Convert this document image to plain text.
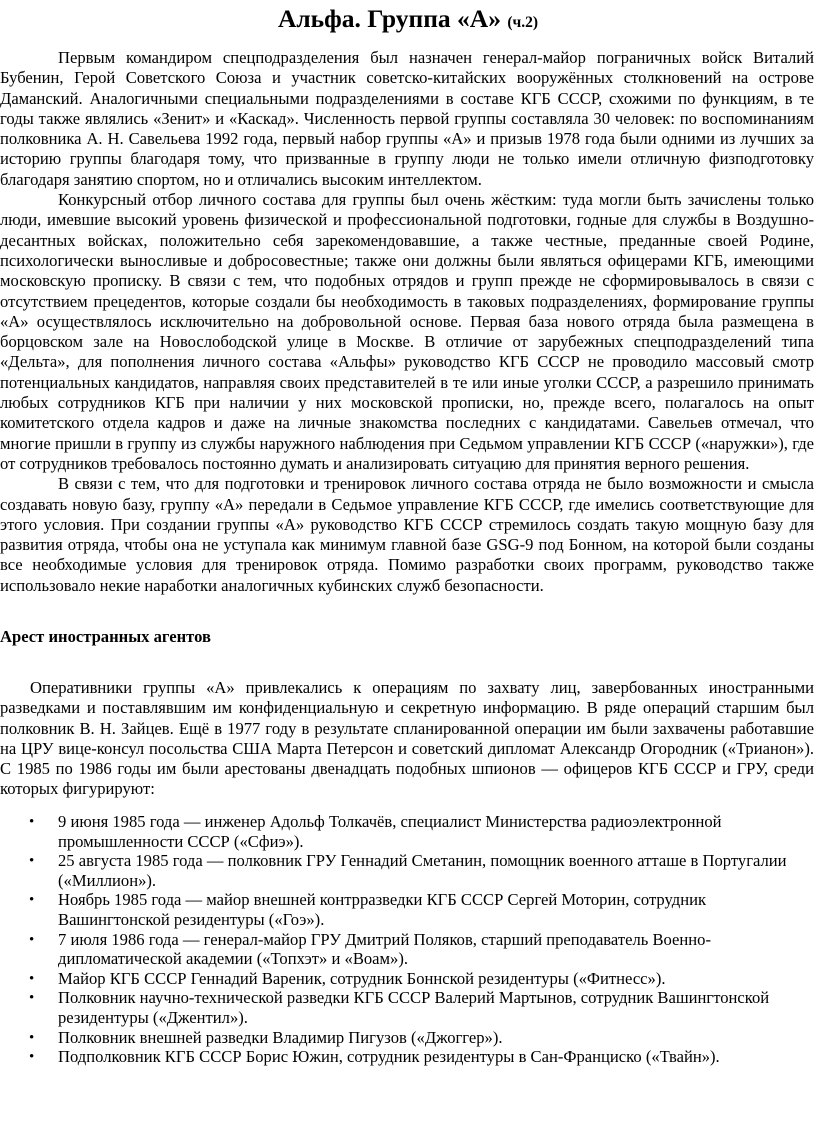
Альфа. Группа «А» (ч.2)

Первым командиром спецподразделения был назначен генерал-майор пограничных войск Виталий Бубенин, Герой Советского Союза и участник советско-китайских вооружённых столкновений на острове Даманский. Аналогичными специальными подразделениями в составе КГБ СССР, схожими по функциям, в те годы также являлись «Зенит» и «Каскад». Численность первой группы составляла 30 человек: по воспоминаниям полковника А. Н. Савельева 1992 года, первый набор группы «А» и призыв 1978 года были одними из лучших за историю группы благодаря тому, что призванные в группу люди не только имели отличную физподготовку благодаря занятию спортом, но и отличались высоким интеллектом.

Конкурсный отбор личного состава для группы был очень жёстким: туда могли быть зачислены только люди, имевшие высокий уровень физической и профессиональной подготовки, годные для службы в Воздушно-десантных войсках, положительно себя зарекомендовавшие, а также честные, преданные своей Родине, психологически выносливые и добросовестные; также они должны были являться офицерами КГБ, имеющими московскую прописку. В связи с тем, что подобных отрядов и групп прежде не сформировывалось в связи с отсутствием прецедентов, которые создали бы необходимость в таковых подразделениях, формирование группы «А» осуществлялось исключительно на добровольной основе. Первая база нового отряда была размещена в борцовском зале на Новослободской улице в Москве. В отличие от зарубежных спецподразделений типа «Дельта», для пополнения личного состава «Альфы» руководство КГБ СССР не проводило массовый смотр потенциальных кандидатов, направляя своих представителей в те или иные уголки СССР, а разрешило принимать любых сотрудников КГБ при наличии у них московской прописки, но, прежде всего, полагалось на опыт комитетского отдела кадров и даже на личные знакомства последних с кандидатами. Савельев отмечал, что многие пришли в группу из службы наружного наблюдения при Седьмом управлении КГБ СССР («наружки»), где от сотрудников требовалось постоянно думать и анализировать ситуацию для принятия верного решения.

В связи с тем, что для подготовки и тренировок личного состава отряда не было возможности и смысла создавать новую базу, группу «А» передали в Седьмое управление КГБ СССР, где имелись соответствующие для этого условия. При создании группы «А» руководство КГБ СССР стремилось создать такую мощную базу для развития отряда, чтобы она не уступала как минимум главной базе GSG-9 под Бонном, на которой были созданы все необходимые условия для тренировок отряда. Помимо разработки своих программ, руководство также использовало некие наработки аналогичных кубинских служб безопасности.

Арест иностранных агентов

Оперативники группы «А» привлекались к операциям по захвату лиц, завербованных иностранными разведками и поставлявшим им конфиденциальную и секретную информацию. В ряде операций старшим был полковник В. Н. Зайцев. Ещё в 1977 году в результате спланированной операции им были захвачены работавшие на ЦРУ вице-консул посольства США Марта Петерсон и советский дипломат Александр Огородник («Трианон»). С 1985 по 1986 годы им были арестованы двенадцать подобных шпионов — офицеров КГБ СССР и ГРУ, среди которых фигурируют:

• 9 июня 1985 года — инженер Адольф Толкачёв, специалист Министерства радиоэлектронной промышленности СССР («Сфиэ»).
• 25 августа 1985 года — полковник ГРУ Геннадий Сметанин, помощник военного атташе в Португалии («Миллион»).
• Ноябрь 1985 года — майор внешней контрразведки КГБ СССР Сергей Моторин, сотрудник Вашингтонской резидентуры («Гоэ»).
• 7 июля 1986 года — генерал-майор ГРУ Дмитрий Поляков, старший преподаватель Военно-дипломатической академии («Топхэт» и «Воам»).
• Майор КГБ СССР Геннадий Вареник, сотрудник Боннской резидентуры («Фитнесс»).
• Полковник научно-технической разведки КГБ СССР Валерий Мартынов, сотрудник Вашингтонской резидентуры («Джентил»).
• Полковник внешней разведки Владимир Пигузов («Джоггер»).
• Подполковник КГБ СССР Борис Южин, сотрудник резидентуры в Сан-Франциско («Твайн»).
